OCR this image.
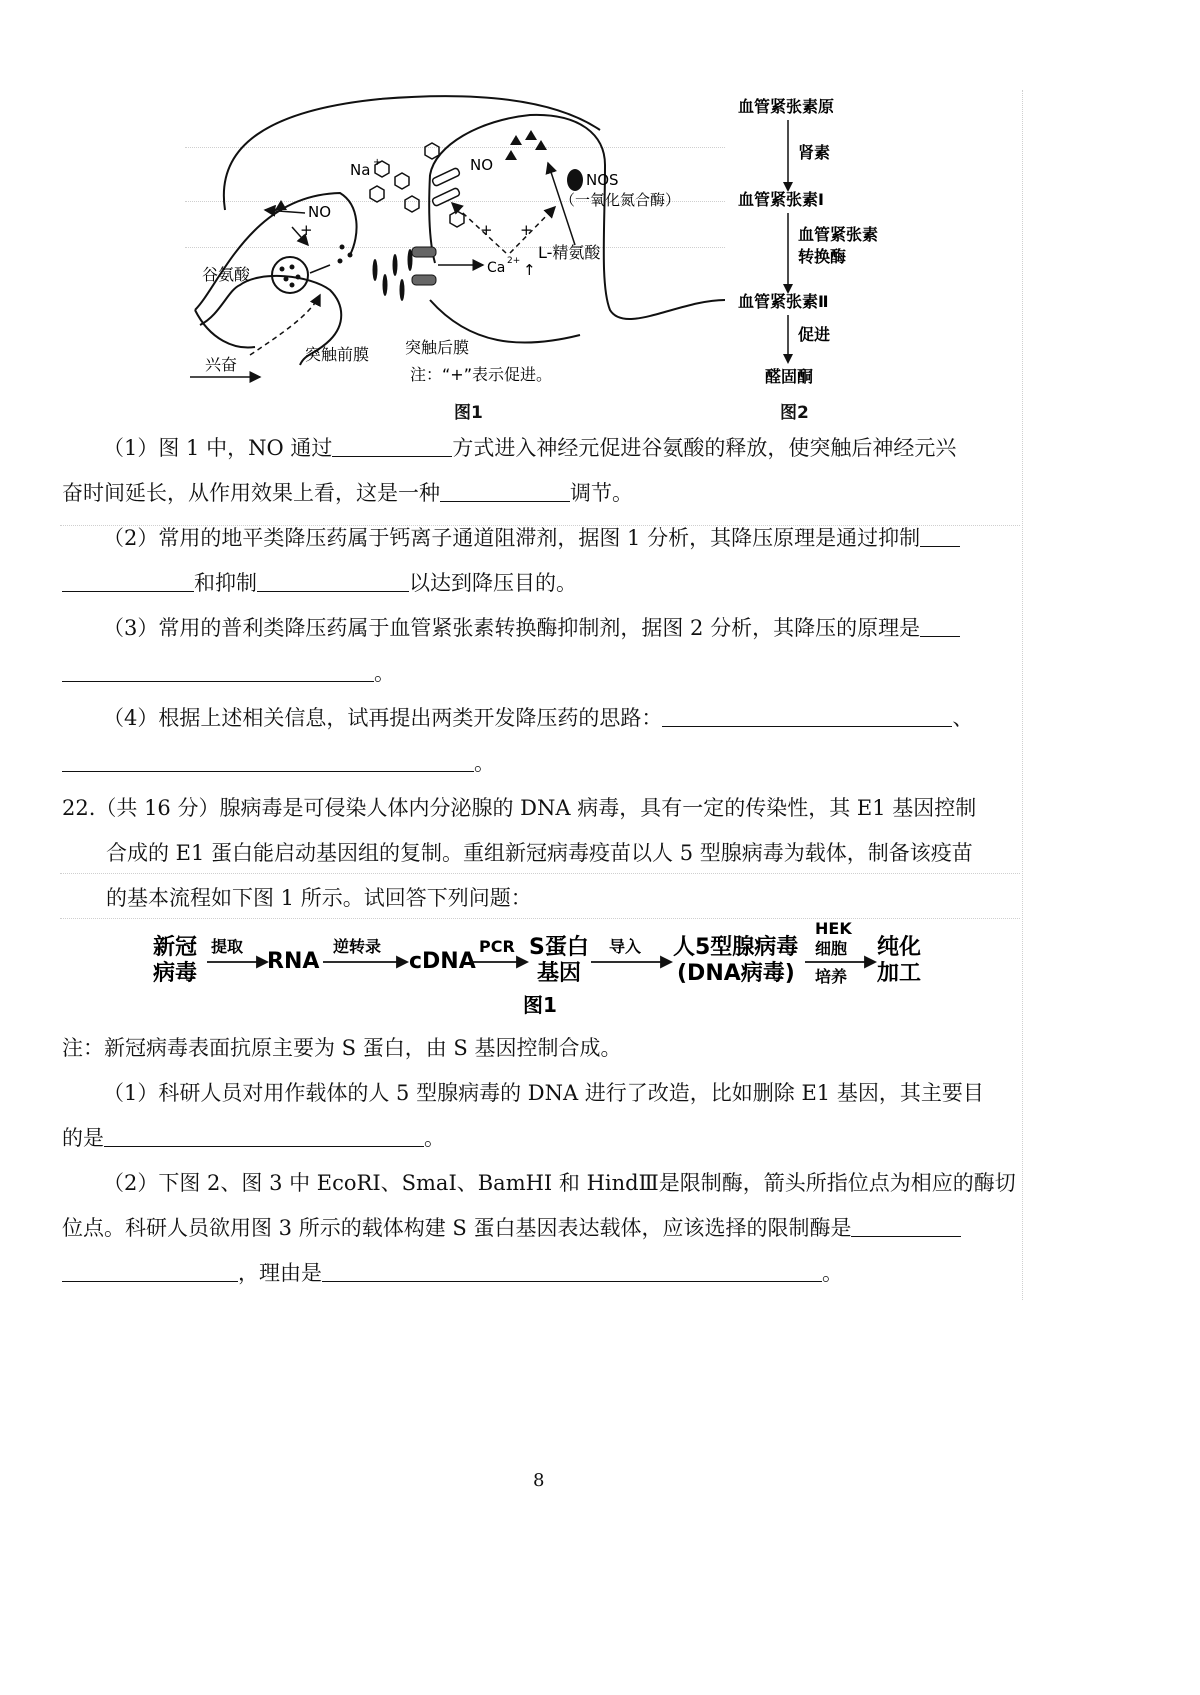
NO
+
Na +	NO
NOS
（一氧化氮合酶）
+ +
Ca 2+ ↑
L-精氨酸
谷氨酸
兴奋
突触前膜 突触后膜
注：“+”表示促进。
图1
血管紧张素原
肾素
血管紧张素Ⅰ
血管紧张素
转换酶
血管紧张素Ⅱ
促进
醛固酮
图2
（1）图 1 中，NO 通过	方式进入神经元促进谷氨酸的释放，使突触后神经元兴
奋时间延长，从作用效果上看，这是一种	调节。
（2）常用的地平类降压药属于钙离子通道阻滞剂，据图 1 分析，其降压原理是通过抑制
和抑制	以达到降压目的。
（3）常用的普利类降压药属于血管紧张素转换酶抑制剂，据图 2 分析，其降压的原理是
。
（4）根据上述相关信息，试再提出两类开发降压药的思路：	、
。
22.（共 16 分）腺病毒是可侵染人体内分泌腺的 DNA 病毒，具有一定的传染性，其 E1 基因控制
合成的 E1 蛋白能启动基因组的复制。重组新冠病毒疫苗以人 5 型腺病毒为载体，制备该疫苗
的基本流程如下图 1 所示。试回答下列问题：
新冠
病毒	RNA	cDNA
S蛋白
基因
人5型腺病毒
(DNA病毒)
纯化
加工
提取	逆转录	PCR	导入
HEK
细胞
培养
图1
注：新冠病毒表面抗原主要为 S 蛋白，由 S 基因控制合成。
（1）科研人员对用作载体的人 5 型腺病毒的 DNA 进行了改造，比如删除 E1 基因，其主要目
的是	。
（2）下图 2、图 3 中 EcoRI、SmaI、BamHI 和 HindⅢ是限制酶，箭头所指位点为相应的酶切
位点。科研人员欲用图 3 所示的载体构建 S 蛋白基因表达载体，应该选择的限制酶是
，理由是	。
8
